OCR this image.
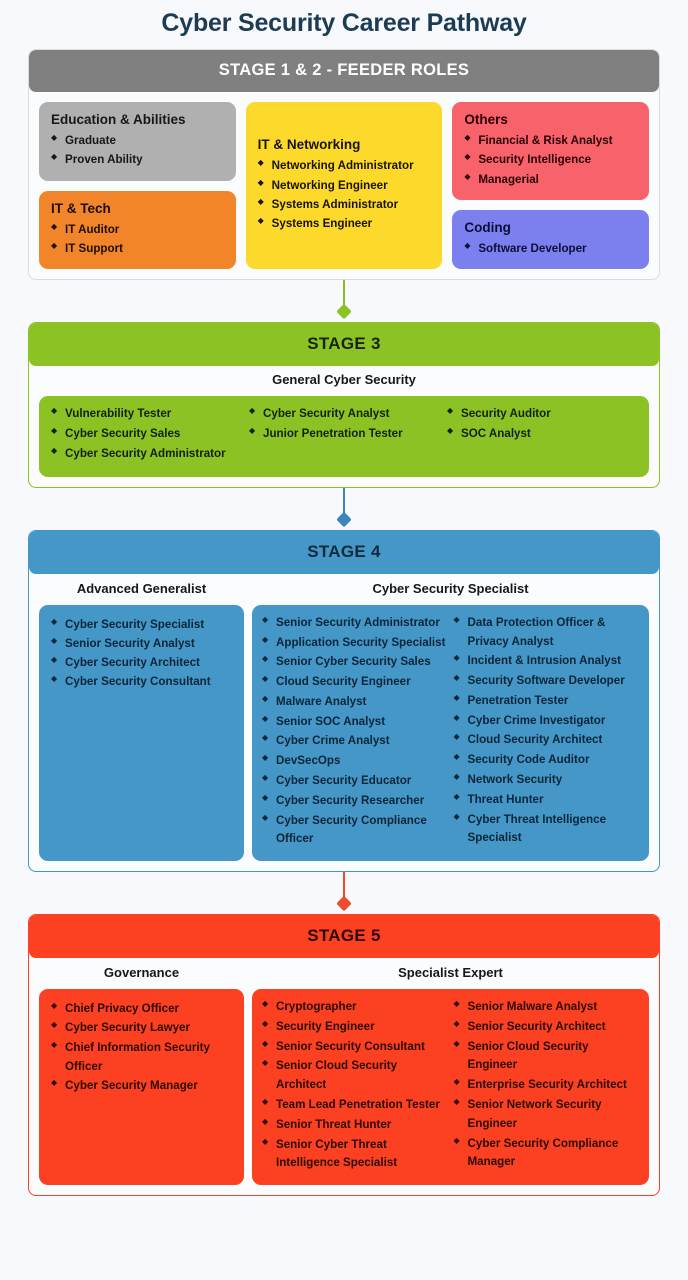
Cyber Security Career Pathway
STAGE 1 & 2 - FEEDER ROLES
Education & Abilities
◆ Graduate
◆ Proven Ability
IT & Tech
◆ IT Auditor
◆ IT Support
IT & Networking
◆ Networking Administrator
◆ Networking Engineer
◆ Systems Administrator
◆ Systems Engineer
Others
◆ Financial & Risk Analyst
◆ Security Intelligence
◆ Managerial
Coding
◆ Software Developer
STAGE 3
General Cyber Security
◆ Vulnerability Tester
◆ Cyber Security Sales
◆ Cyber Security Administrator
◆ Cyber Security Analyst
◆ Junior Penetration Tester
◆ Security Auditor
◆ SOC Analyst
STAGE 4
Advanced Generalist	Cyber Security Specialist
◆ Cyber Security Specialist
◆ Senior Security Analyst
◆ Cyber Security Architect
◆ Cyber Security Consultant
◆ Senior Security Administrator
◆ Application Security Specialist
◆ Senior Cyber Security Sales
◆ Cloud Security Engineer
◆ Malware Analyst
◆ Senior SOC Analyst
◆ Cyber Crime Analyst
◆ DevSecOps
◆ Cyber Security Educator
◆ Cyber Security Researcher
◆ Cyber Security Compliance Officer
◆ Data Protection Officer & Privacy Analyst
◆ Incident & Intrusion Analyst
◆ Security Software Developer
◆ Penetration Tester
◆ Cyber Crime Investigator
◆ Cloud Security Architect
◆ Security Code Auditor
◆ Network Security
◆ Threat Hunter
◆ Cyber Threat Intelligence Specialist
STAGE 5
Governance	Specialist Expert
◆ Chief Privacy Officer
◆ Cyber Security Lawyer
◆ Chief Information Security Officer
◆ Cyber Security Manager
◆ Cryptographer
◆ Security Engineer
◆ Senior Security Consultant
◆ Senior Cloud Security Architect
◆ Team Lead Penetration Tester
◆ Senior Threat Hunter
◆ Senior Cyber Threat Intelligence Specialist
◆ Senior Malware Analyst
◆ Senior Security Architect
◆ Senior Cloud Security Engineer
◆ Enterprise Security Architect
◆ Senior Network Security Engineer
◆ Cyber Security Compliance Manager
